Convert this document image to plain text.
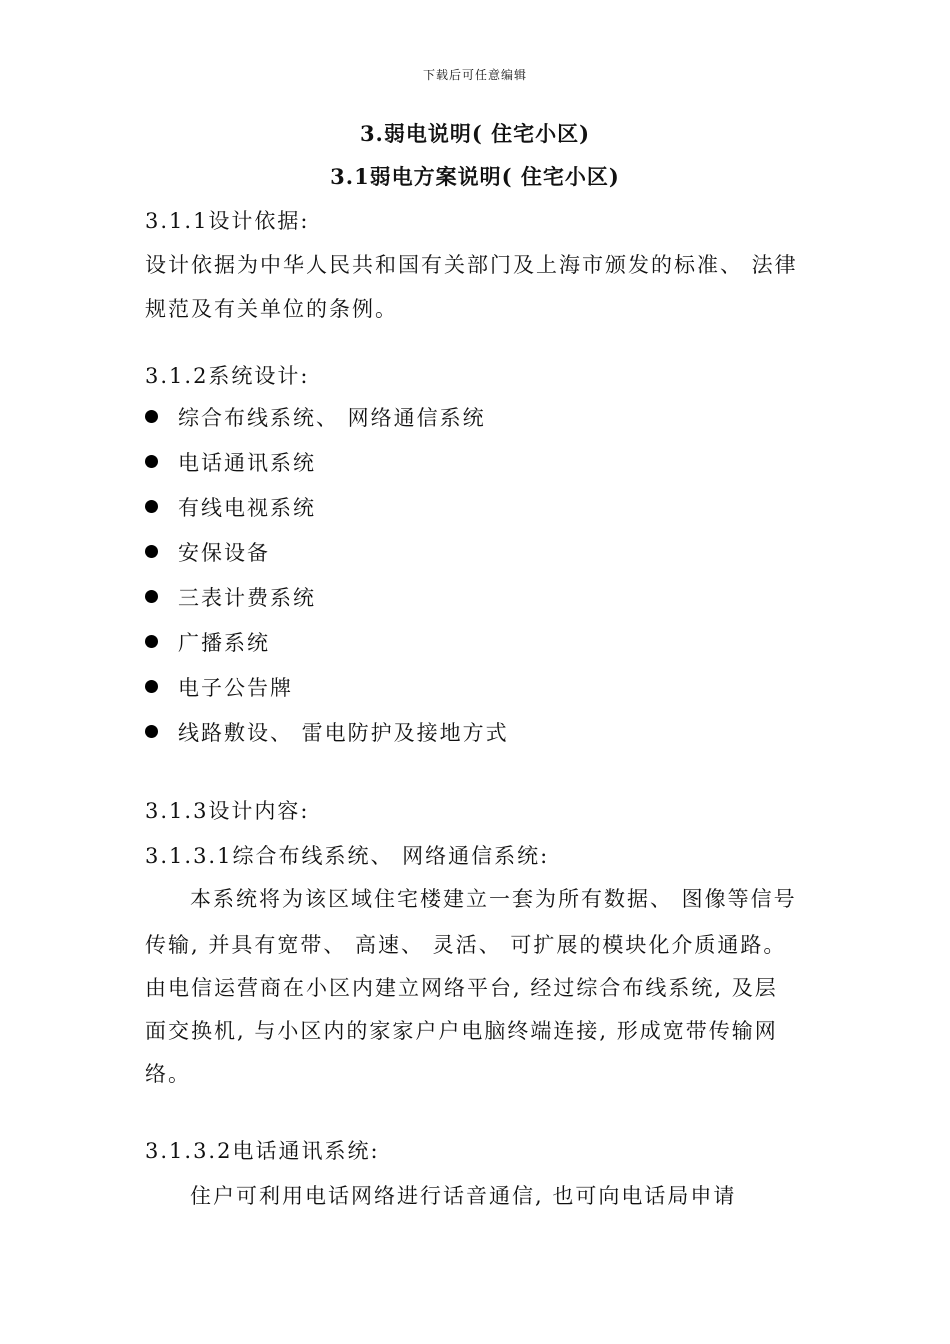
下载后可任意编辑
3.弱电说明( 住宅小区)
3.1弱电方案说明( 住宅小区)
3.1.1设计依据:
设计依据为中华人民共和国有关部门及上海市颁发的标准、 法律
规范及有关单位的条例。
3.1.2系统设计:
综合布线系统、 网络通信系统
电话通讯系统
有线电视系统
安保设备
三表计费系统
广播系统
电子公告牌
线路敷设、 雷电防护及接地方式
3.1.3设计内容:
3.1.3.1综合布线系统、 网络通信系统:
本系统将为该区域住宅楼建立一套为所有数据、 图像等信号
传输, 并具有宽带、 高速、 灵活、 可扩展的模块化介质通路。
由电信运营商在小区内建立网络平台, 经过综合布线系统, 及层
面交换机, 与小区内的家家户户电脑终端连接, 形成宽带传输网
络。
3.1.3.2电话通讯系统:
住户可利用电话网络进行话音通信, 也可向电话局申请
